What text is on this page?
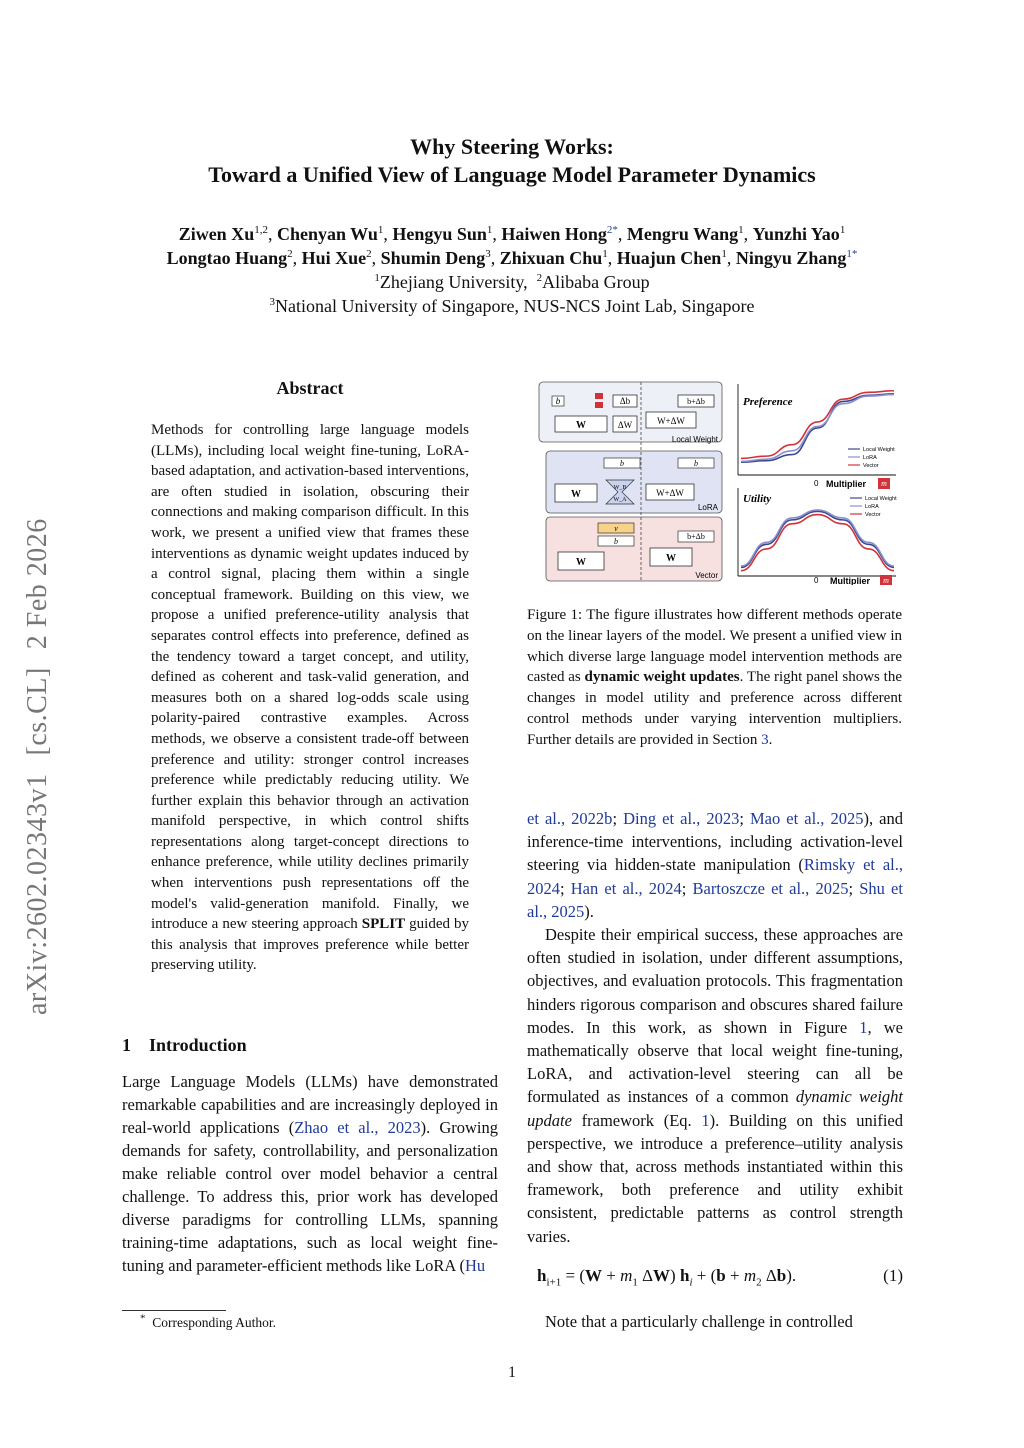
Why Steering Works:
Toward a Unified View of Language Model Parameter Dynamics
Ziwen Xu$^{1,2}$, Chenyan Wu$^1$, Hengyu Sun$^1$, Haiwen Hong$^{2*}$, Mengru Wang$^1$, Yunzhi Yao$^1$
Longtao Huang$^2$, Hui Xue$^2$, Shumin Deng$^3$, Zhixuan Chu$^1$, Huajun Chen$^1$, Ningyu Zhang$^{1*}$
$^1$Zhejiang University, $^2$Alibaba Group
$^3$National University of Singapore, NUS-NCS Joint Lab, Singapore
arXiv:2602.02343v1[cs.CL]2 Feb 2026
Abstract
Methods for controlling large language models (LLMs), including local weight fine-tuning, LoRA-based adaptation, and activation-based interventions, are often studied in isolation, obscuring their connections and making comparison difficult. In this work, we present a unified view that frames these interventions as dynamic weight updates induced by a control signal, placing them within a single conceptual framework. Building on this view, we propose a unified preference-utility analysis that separates control effects into preference, defined as the tendency toward a target concept, and utility, defined as coherent and task-valid generation, and measures both on a shared log-odds scale using polarity-paired contrastive examples. Across methods, we observe a consistent trade-off between preference and utility: stronger control increases preference while predictably reducing utility. We further explain this behavior through an activation manifold perspective, in which control shifts representations along target-concept directions to enhance preference, while utility declines primarily when interventions push representations off the model's valid-generation manifold. Finally, we introduce a new steering approach SPLIT guided by this analysis that improves preference while better preserving utility.
1 Introduction
Large Language Models (LLMs) have demonstrated remarkable capabilities and are increasingly deployed in real-world applications (Zhao et al., 2023). Growing demands for safety, controllability, and personalization make reliable control over model behavior a central challenge. To address this, prior work has developed diverse paradigms for controlling LLMs, spanning training-time adaptations, such as local weight fine-tuning and parameter-efficient methods like LoRA (Hu
* Corresponding Author.
b
W	ΔW
Δb
W+ΔW
b+Δb
Local Weight
b
W
W_B
W_A
W+ΔW
b
LoRA
v
b
W	W
b+Δb
Vector
Preference
0 Multiplier m
Local Weight
LoRA
Vector
Utility
0 Multiplier m
Local Weight
LoRA
Vector
Figure 1: The figure illustrates how different methods operate on the linear layers of the model. We present a unified view in which diverse large language model intervention methods are casted as dynamic weight updates. The right panel shows the changes in model utility and preference across different control methods under varying intervention multipliers. Further details are provided in Section 3.

et al., 2022b; Ding et al., 2023; Mao et al., 2025), and inference-time interventions, including activation-level steering via hidden-state manipulation (Rimsky et al., 2024; Han et al., 2024; Bartoszcze et al., 2025; Shu et al., 2025).

Despite their empirical success, these approaches are often studied in isolation, under different assumptions, objectives, and evaluation protocols. This fragmentation hinders rigorous comparison and obscures shared failure modes. In this work, as shown in Figure 1, we mathematically observe that local weight fine-tuning, LoRA, and activation-level steering can all be formulated as instances of a common dynamic weight update framework (Eq. 1). Building on this unified perspective, we introduce a preference–utility analysis and show that, across methods instantiated within this framework, both preference and utility exhibit consistent, predictable patterns as control strength varies.

$h_{i+1} = (W + m_1$ ΔW) $h_i + (b + m_2$ Δb).	(1)
Note that a particularly challenge in controlled
1
